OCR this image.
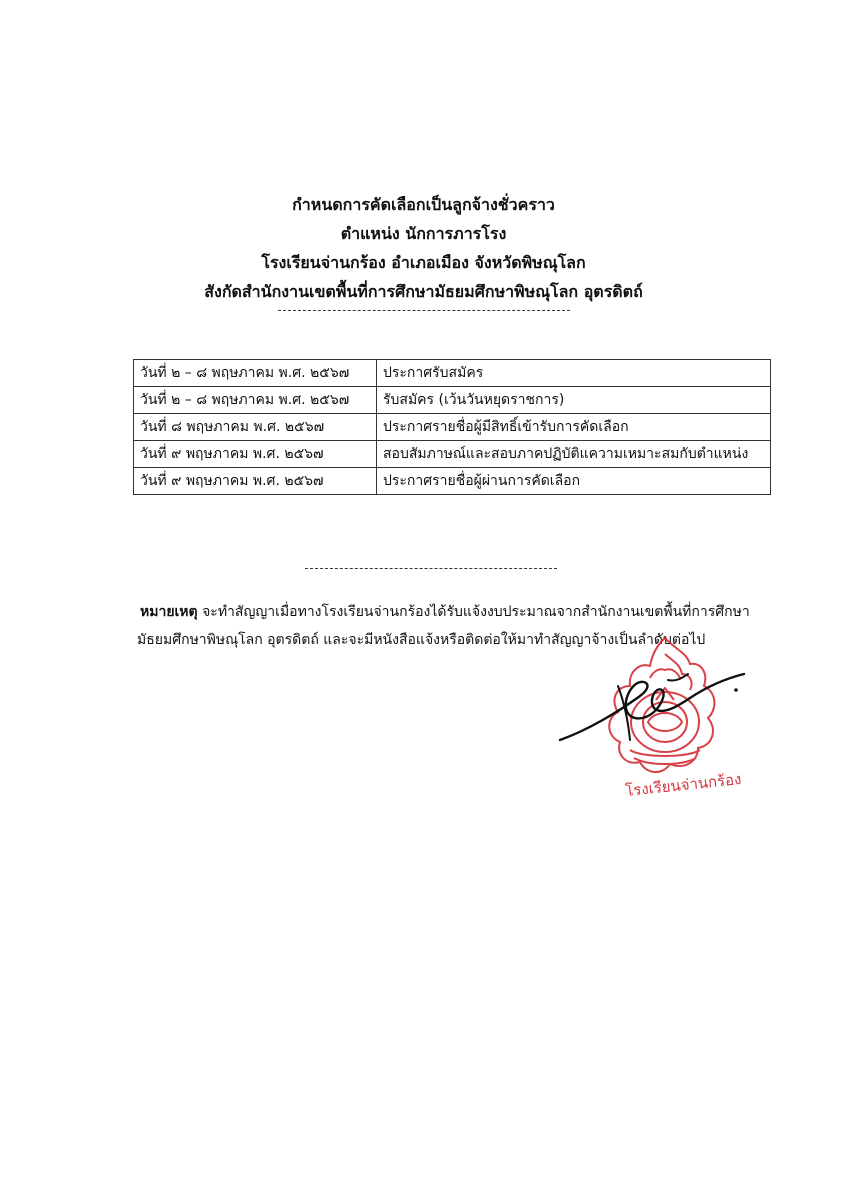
กำหนดการคัดเลือกเป็นลูกจ้างชั่วคราว
ตำแหน่ง นักการภารโรง
โรงเรียนจ่านกร้อง อำเภอเมือง จังหวัดพิษณุโลก
สังกัดสำนักงานเขตพื้นที่การศึกษามัธยมศึกษาพิษณุโลก อุตรดิตถ์
วันที่ ๒ – ๘ พฤษภาคม พ.ศ. ๒๕๖๗	ประกาศรับสมัคร
วันที่ ๒ – ๘ พฤษภาคม พ.ศ. ๒๕๖๗	รับสมัคร (เว้นวันหยุดราชการ)
วันที่ ๘ พฤษภาคม พ.ศ. ๒๕๖๗	ประกาศรายชื่อผู้มีสิทธิ์เข้ารับการคัดเลือก
วันที่ ๙ พฤษภาคม พ.ศ. ๒๕๖๗	สอบสัมภาษณ์และสอบภาคปฏิบัติแความเหมาะสมกับตำแหน่ง
วันที่ ๙ พฤษภาคม พ.ศ. ๒๕๖๗	ประกาศรายชื่อผู้ผ่านการคัดเลือก
หมายเหตุ จะทำสัญญาเมื่อทางโรงเรียนจ่านกร้องได้รับแจ้งงบประมาณจากสำนักงานเขตพื้นที่การศึกษา
มัธยมศึกษาพิษณุโลก อุตรดิตถ์ และจะมีหนังสือแจ้งหรือติดต่อให้มาทำสัญญาจ้างเป็นลำดับต่อไป
โรงเรียนจ่านกร้อง
